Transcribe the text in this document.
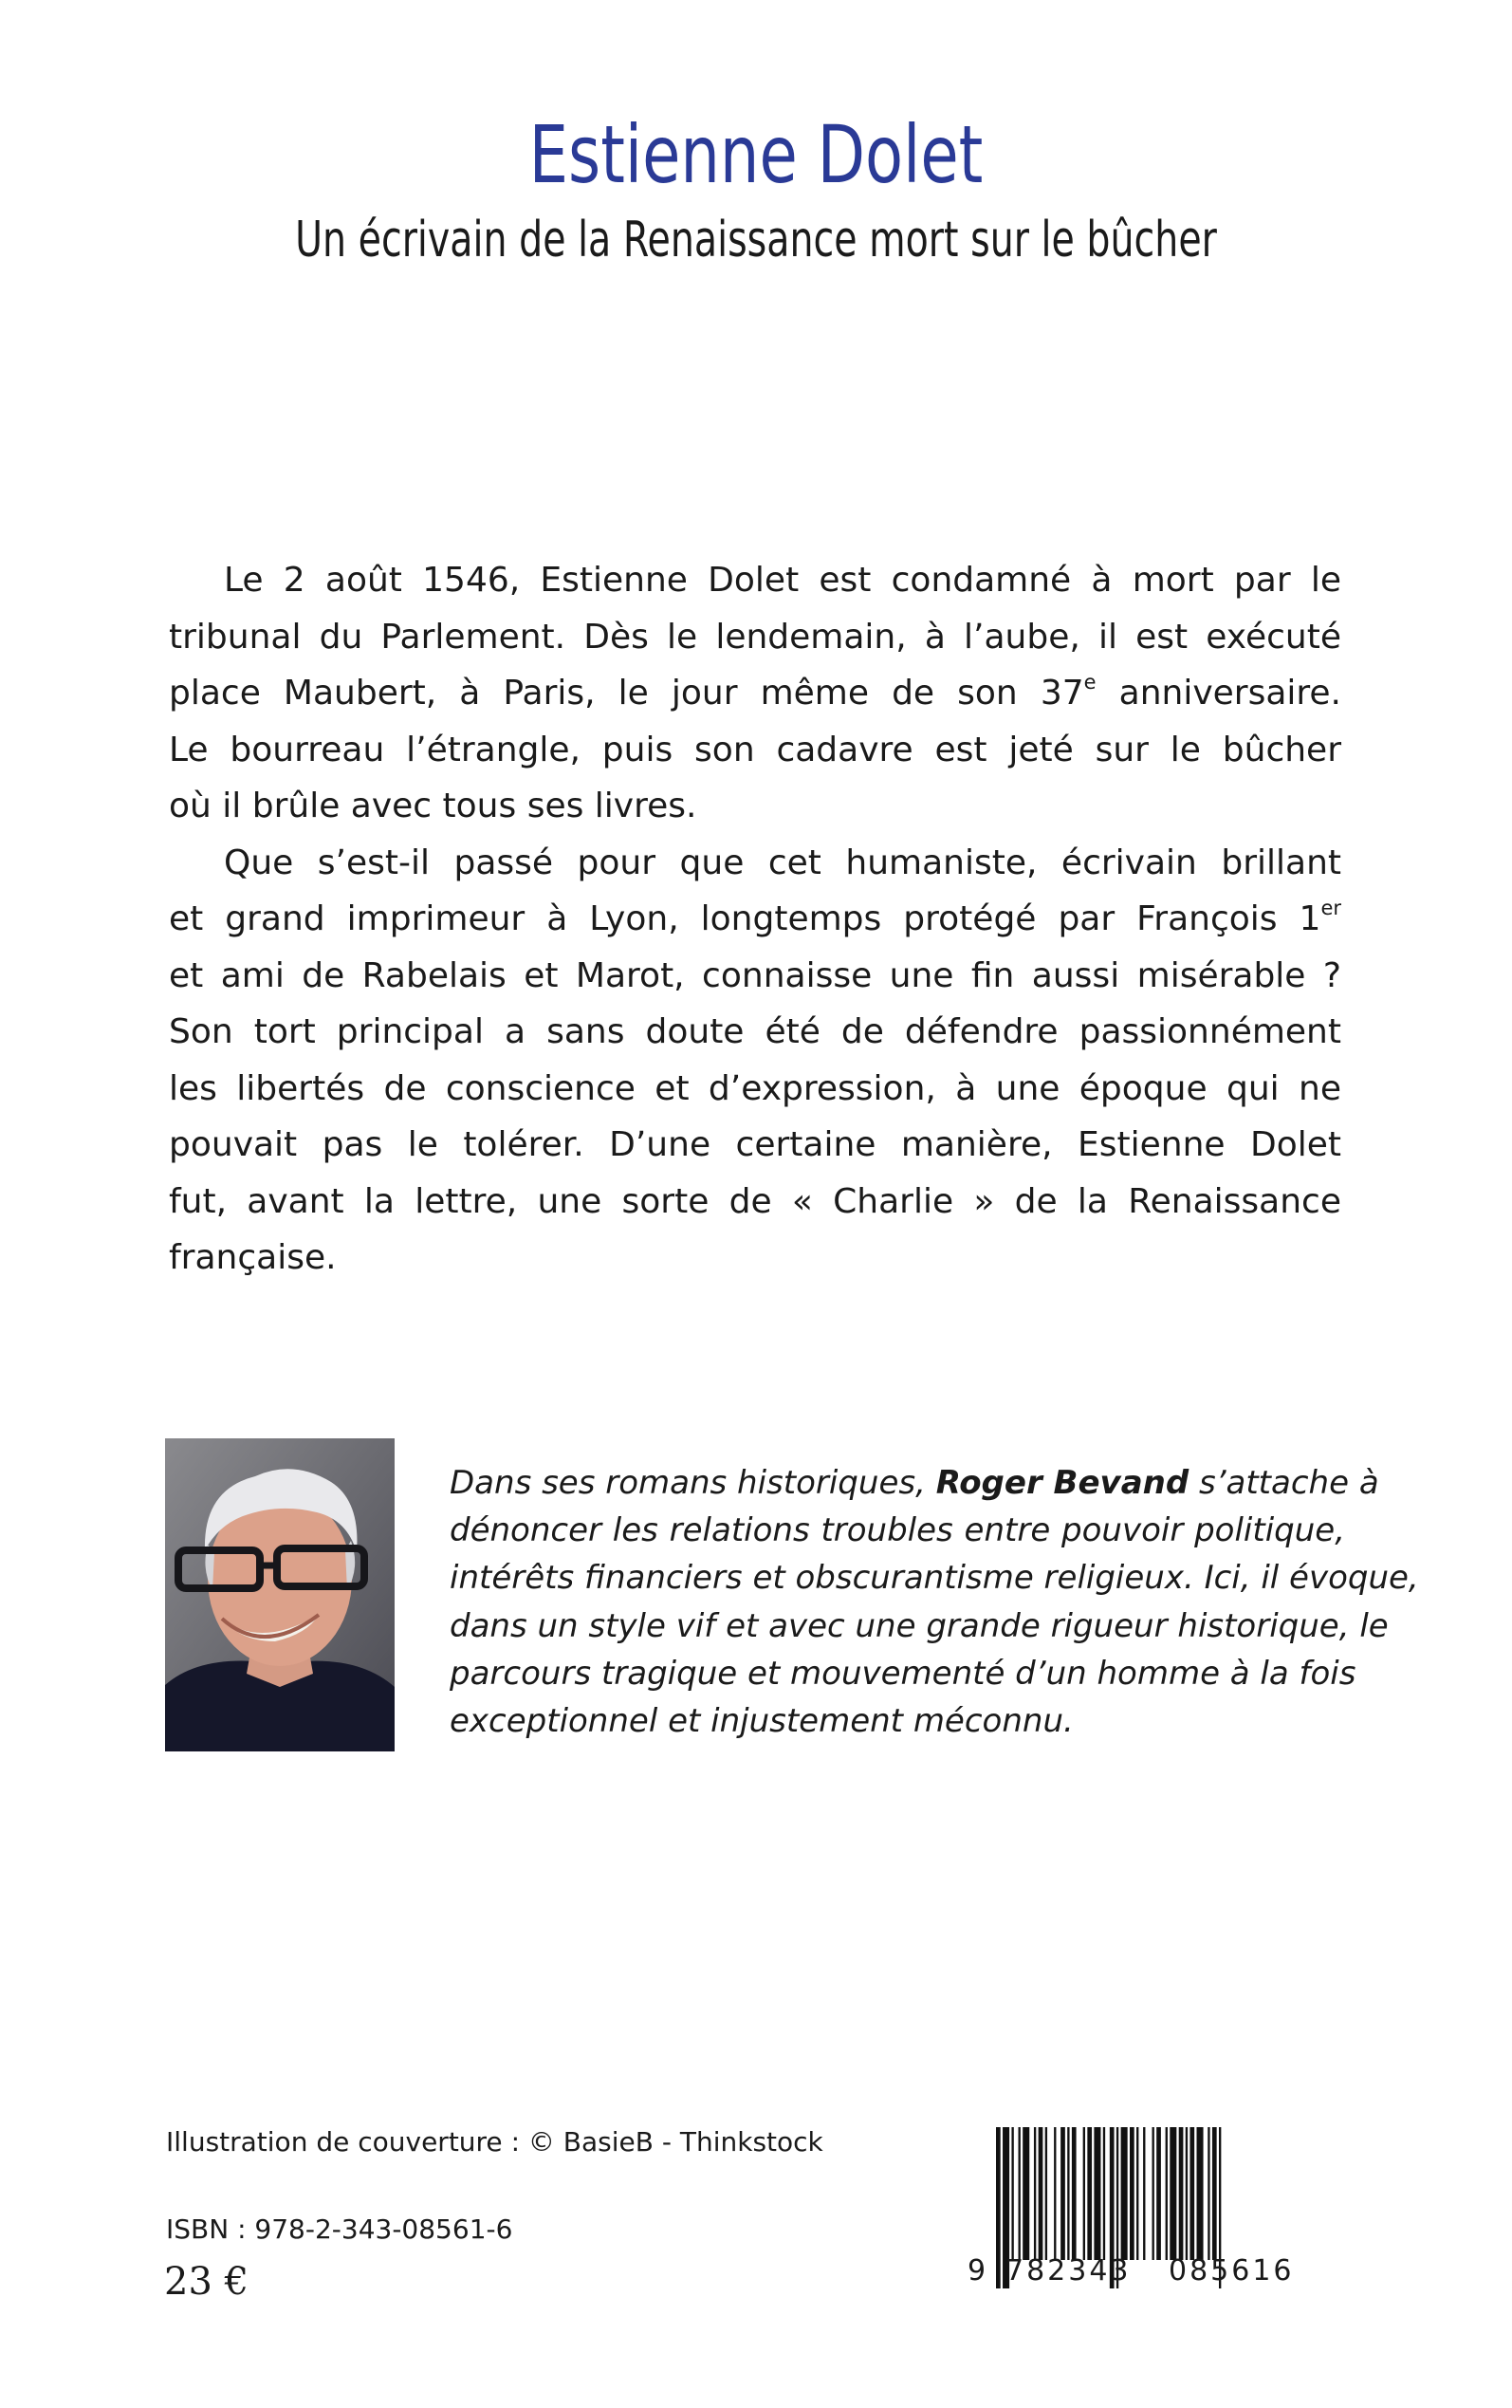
Estienne Dolet
Un écrivain de la Renaissance mort sur le bûcher
Le 2 août 1546, Estienne Dolet est condamné à mort par le
tribunal du Parlement. Dès le lendemain, à l’aube, il est exécuté
place Maubert, à Paris, le jour même de son 37e anniversaire.
Le bourreau l’étrangle, puis son cadavre est jeté sur le bûcher
où il brûle avec tous ses livres.
Que s’est-il passé pour que cet humaniste, écrivain brillant
et grand imprimeur à Lyon, longtemps protégé par François 1er
et ami de Rabelais et Marot, connaisse une fin aussi misérable ?
Son tort principal a sans doute été de défendre passionnément
les libertés de conscience et d’expression, à une époque qui ne
pouvait pas le tolérer. D’une certaine manière, Estienne Dolet
fut, avant la lettre, une sorte de « Charlie » de la Renaissance
française.
Dans ses romans historiques, Roger Bevand s’attache à
dénoncer les relations troubles entre pouvoir politique,
intérêts financiers et obscurantisme religieux. Ici, il évoque,
dans un style vif et avec une grande rigueur historique, le
parcours tragique et mouvementé d’un homme à la fois
exceptionnel et injustement méconnu.
Illustration de couverture : © BasieB - Thinkstock
ISBN : 978-2-343-08561-6
23 €	9 782343 085616
